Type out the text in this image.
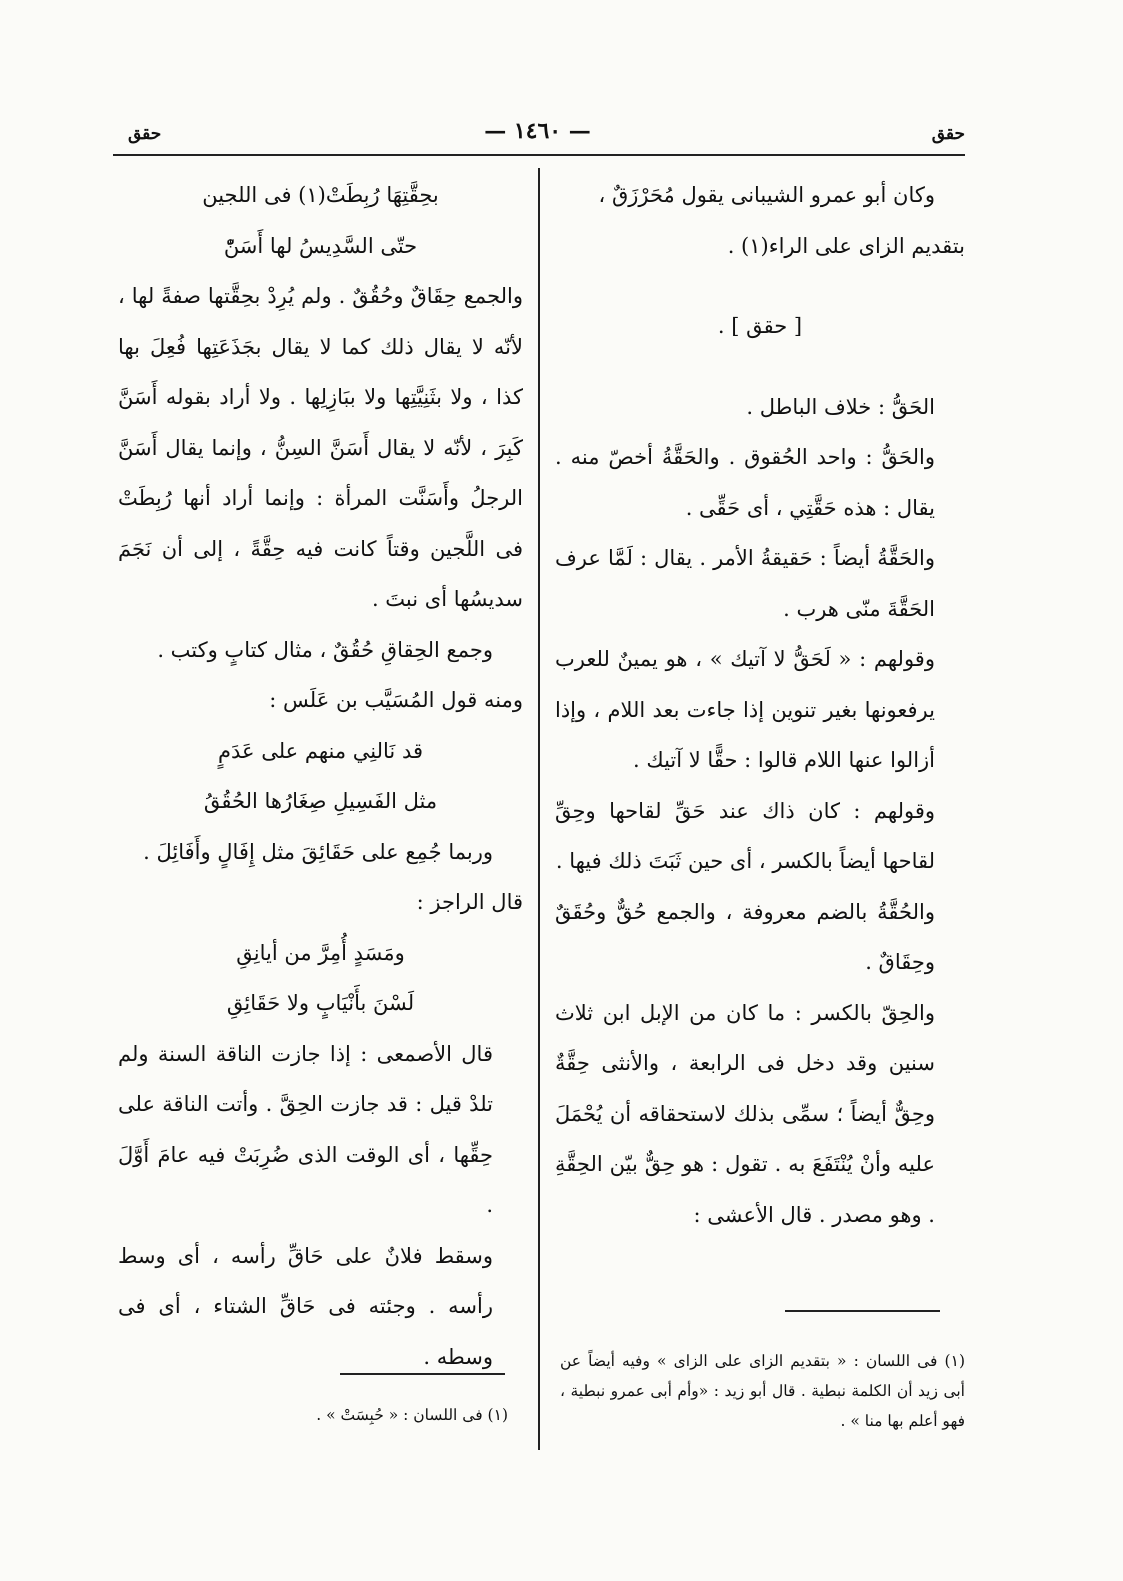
حقق
— ١٤٦٠ —
حقق

وكان أبو عمرو الشيبانى يقول مُحَرْزَقٌ ،

بتقديم الزاى على الراء(١) .

[ حقق ] .

الحَقُّ : خلاف الباطل .

والحَقُّ : واحد الحُقوق . والحَقَّةُ أخصّ منه . يقال : هذه حَقَّتِي ، أى حَقِّى .

والحَقَّةُ أيضاً : حَقيقةُ الأمر . يقال : لَمَّا عرف الحَقَّةَ منّى هرب .

وقولهم : « لَحَقُّ لا آتيك » ، هو يمينٌ للعرب يرفعونها بغير تنوين إذا جاءت بعد اللام ، وإذا أزالوا عنها اللام قالوا : حقًّا لا آتيك .

وقولهم : كان ذاك عند حَقِّ لقاحها وحِقِّ لقاحها أيضاً بالكسر ، أى حين ثَبَتَ ذلك فيها .

والحُقَّةُ بالضم معروفة ، والجمع حُقٌّ وحُقَقٌ وحِقَاقٌ .

والحِقّ بالكسر : ما كان من الإبل ابن ثلاث سنين وقد دخل فى الرابعة ، والأنثى حِقَّةٌ وحِقٌّ أيضاً ؛ سمِّى بذلك لاستحقاقه أن يُحْمَلَ عليه وأنْ يُنْتَفَعَ به . تقول : هو حِقٌّ بيّن الحِقَّةِ . وهو مصدر . قال الأعشى :

(١) فى اللسان : « بتقديم الزاى على الزاى » وفيه أيضاً عن أبى زيد أن الكلمة نبطية . قال أبو زيد : «وأم أبى عمرو نبطية ، فهو أعلم بها منا » .

بحِقَّتِهَا رُبِطَتْ(١) فى اللجين

حتّى السَّدِيسُ لها أَسَنّْ

والجمع حِقَاقٌ وحُقُقٌ . ولم يُرِدْ بحِقَّتها صفةً لها ، لأنّه لا يقال ذلك كما لا يقال بجَذَعَتِها فُعِلَ بها كذا ، ولا بثَنِيَّتِها ولا ببَازِلِها . ولا أراد بقوله أَسَنَّ كَبِرَ ، لأنّه لا يقال أَسَنَّ السِنُّ ، وإنما يقال أَسَنَّ الرجلُ وأَسَنَّت المرأة : وإنما أراد أنها رُبِطَتْ فى اللَّجين وقتاً كانت فيه حِقَّةً ، إلى أن نَجَمَ سديسُها أى نبتَ .

وجمع الحِقاقِ حُقُقٌ ، مثال كتابٍ وكتب .

ومنه قول المُسَيَّب بن عَلَس :

قد نَالنِي منهم على عَدَمٍ

مثل الفَسِيلِ صِغَارُها الحُقُقُ

وربما جُمِع على حَقَائِقَ مثل إِفَالٍ وأَفَائِلَ .

قال الراجز :

ومَسَدٍ أُمِرَّ من أيانِقِ

لَسْنَ بأَنْيَابٍ ولا حَقَائِقِ

قال الأصمعى : إذا جازت الناقة السنة ولم تلدْ قيل : قد جازت الحِقَّ . وأتت الناقة على حِقِّها ، أى الوقت الذى ضُرِبَتْ فيه عامَ أَوَّلَ .

وسقط فلانٌ على حَاقِّ رأسه ، أى وسط رأسه . وجئته فى حَاقِّ الشتاء ، أى فى وسطه .

(١) فى اللسان : « حُبِسَتْ » .
